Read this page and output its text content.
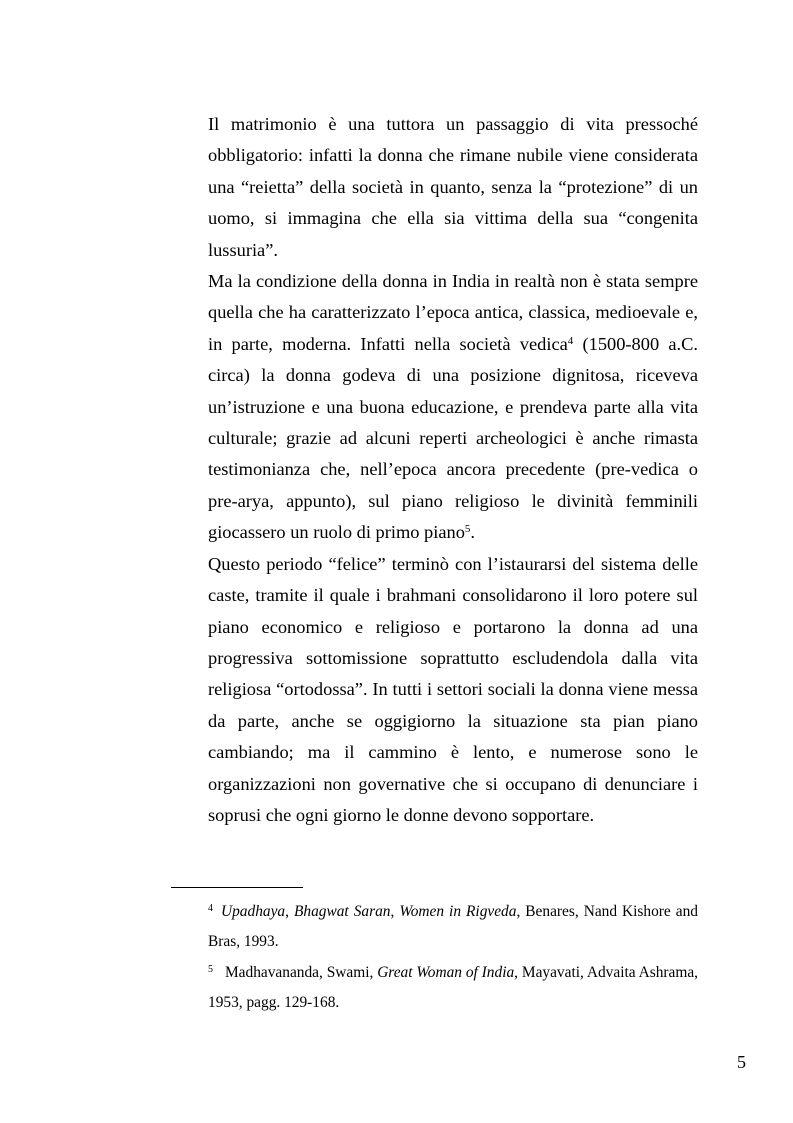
Il matrimonio è una tuttora un passaggio di vita pressoché obbligatorio: infatti la donna che rimane nubile viene considerata una “reietta” della società in quanto, senza la “protezione” di un uomo, si immagina che ella sia vittima della sua “congenita lussuria”.

Ma la condizione della donna in India in realtà non è stata sempre quella che ha caratterizzato l’epoca antica, classica, medioevale e, in parte, moderna. Infatti nella società vedica$^4$ (1500-800 a.C. circa) la donna godeva di una posizione dignitosa, riceveva un’istruzione e una buona educazione, e prendeva parte alla vita culturale; grazie ad alcuni reperti archeologici è anche rimasta testimonianza che, nell’epoca ancora precedente (pre-vedica o pre-arya, appunto), sul piano religioso le divinità femminili giocassero un ruolo di primo piano$^5$.

Questo periodo “felice” terminò con l’istaurarsi del sistema delle caste, tramite il quale i brahmani consolidarono il loro potere sul piano economico e religioso e portarono la donna ad una progressiva sottomissione soprattutto escludendola dalla vita religiosa “ortodossa”. In tutti i settori sociali la donna viene messa da parte, anche se oggigiorno la situazione sta pian piano cambiando; ma il cammino è lento, e numerose sono le organizzazioni non governative che si occupano di denunciare i soprusi che ogni giorno le donne devono sopportare.

$^4$ Upadhaya, Bhagwat Saran, Women in Rigveda, Benares, Nand Kishore and Bras, 1993.

$^5$ Madhavananda, Swami, Great Woman of India, Mayavati, Advaita Ashrama, 1953, pagg. 129-168.

5
